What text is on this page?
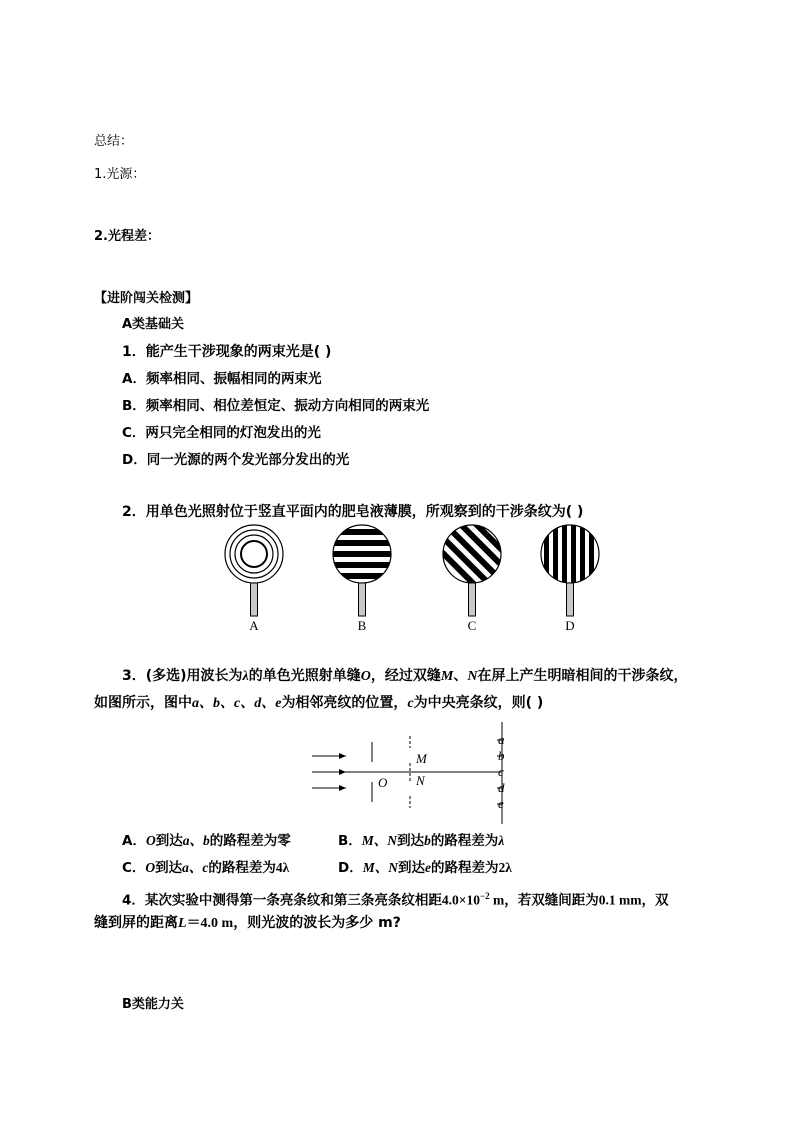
总结：
1.光源：
2.光程差：
【进阶闯关检测】
A类基础关
1．能产生干涉现象的两束光是( )
A．频率相同、振幅相同的两束光
B．频率相同、相位差恒定、振动方向相同的两束光
C．两只完全相同的灯泡发出的光
D．同一光源的两个发光部分发出的光
2．用单色光照射位于竖直平面内的肥皂液薄膜，所观察到的干涉条纹为( )
A	B	C	D
3．(多选)用波长为λ的单色光照射单缝O，经过双缝M、N在屏上产生明暗相间的干涉条纹，
如图所示，图中a、b、c、d、e为相邻亮纹的位置，c为中央亮条纹，则( )
M
N
O
a
b
c
d
e
A．O到达a、b的路程差为零	B．M、N到达b的路程差为λ
C．O到达a、c的路程差为4λ	D．M、N到达e的路程差为2λ
4．某次实验中测得第一条亮条纹和第三条亮条纹相距$4.0\times 10^{-2}$ m，若双缝间距为0.1 mm，双
缝到屏的距离L＝4.0 m，则光波的波长为多少 m?
B类能力关
